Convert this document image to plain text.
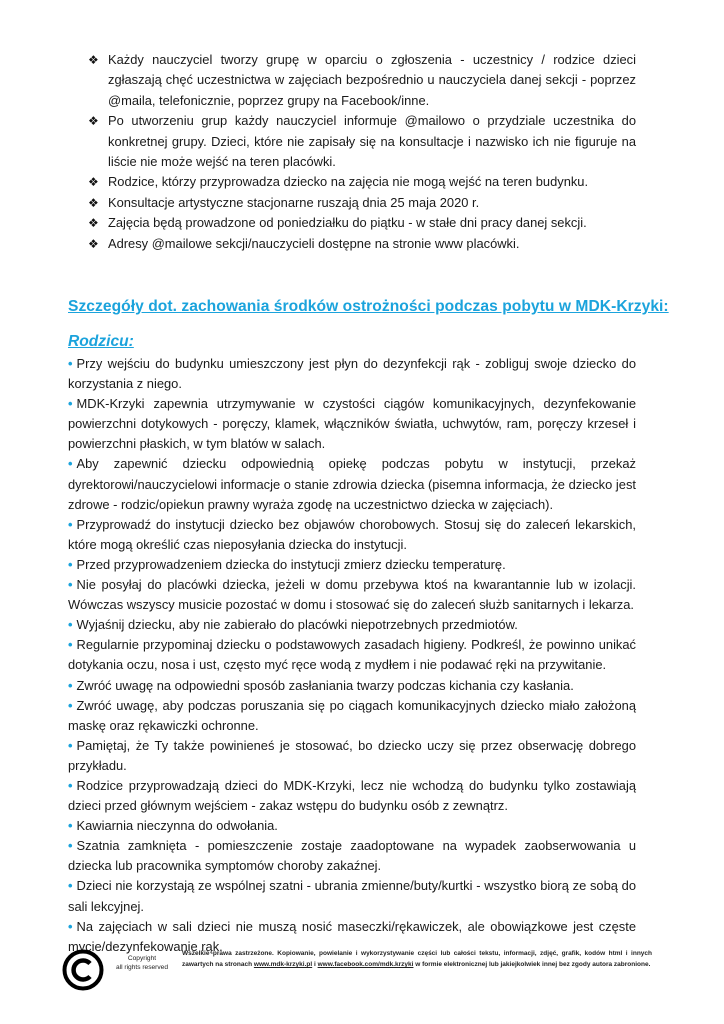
❖ Każdy nauczyciel tworzy grupę w oparciu o zgłoszenia - uczestnicy / rodzice dzieci zgłaszają chęć uczestnictwa w zajęciach bezpośrednio u nauczyciela danej sekcji - poprzez @maila, telefonicznie, poprzez grupy na Facebook/inne.
❖ Po utworzeniu grup każdy nauczyciel informuje @mailowo o przydziale uczestnika do konkretnej grupy. Dzieci, które nie zapisały się na konsultacje i nazwisko ich nie figuruje na liście nie może wejść na teren placówki.
❖ Rodzice, którzy przyprowadza dziecko na zajęcia nie mogą wejść na teren budynku.
❖ Konsultacje artystyczne stacjonarne ruszają dnia 25 maja 2020 r.
❖ Zajęcia będą prowadzone od poniedziałku do piątku - w stałe dni pracy danej sekcji.
❖ Adresy @mailowe sekcji/nauczycieli dostępne na stronie www placówki.
Szczegóły dot. zachowania środków ostrożności podczas pobytu w MDK-Krzyki:
Rodzicu:
• Przy wejściu do budynku umieszczony jest płyn do dezynfekcji rąk - zobliguj swoje dziecko do korzystania z niego.
• MDK-Krzyki zapewnia utrzymywanie w czystości ciągów komunikacyjnych, dezynfekowanie powierzchni dotykowych - poręczy, klamek, włączników światła, uchwytów, ram, poręczy krzeseł i powierzchni płaskich, w tym blatów w salach.
• Aby zapewnić dziecku odpowiednią opiekę podczas pobytu w instytucji, przekaż dyrektorowi/nauczycielowi informacje o stanie zdrowia dziecka (pisemna informacja, że dziecko jest zdrowe - rodzic/opiekun prawny wyraża zgodę na uczestnictwo dziecka w zajęciach).
• Przyprowadź do instytucji dziecko bez objawów chorobowych. Stosuj się do zaleceń lekarskich, które mogą określić czas nieposyłania dziecka do instytucji.
• Przed przyprowadzeniem dziecka do instytucji zmierz dziecku temperaturę.
• Nie posyłaj do placówki dziecka, jeżeli w domu przebywa ktoś na kwarantannie lub w izolacji. Wówczas wszyscy musicie pozostać w domu i stosować się do zaleceń służb sanitarnych i lekarza.
• Wyjaśnij dziecku, aby nie zabierało do placówki niepotrzebnych przedmiotów.
• Regularnie przypominaj dziecku o podstawowych zasadach higieny. Podkreśl, że powinno unikać dotykania oczu, nosa i ust, często myć ręce wodą z mydłem i nie podawać ręki na przywitanie.
• Zwróć uwagę na odpowiedni sposób zasłaniania twarzy podczas kichania czy kasłania.
• Zwróć uwagę, aby podczas poruszania się po ciągach komunikacyjnych dziecko miało założoną maskę oraz rękawiczki ochronne.
• Pamiętaj, że Ty także powinieneś je stosować, bo dziecko uczy się przez obserwację dobrego przykładu.
• Rodzice przyprowadzają dzieci do MDK-Krzyki, lecz nie wchodzą do budynku tylko zostawiają dzieci przed głównym wejściem - zakaz wstępu do budynku osób z zewnątrz.
• Kawiarnia nieczynna do odwołania.
• Szatnia zamknięta - pomieszczenie zostaje zaadoptowane na wypadek zaobserwowania u dziecka lub pracownika symptomów choroby zakaźnej.
• Dzieci nie korzystają ze wspólnej szatni - ubrania zmienne/buty/kurtki - wszystko biorą ze sobą do sali lekcyjnej.
• Na zajęciach w sali dzieci nie muszą nosić maseczki/rękawiczek, ale obowiązkowe jest częste mycie/dezynfekowanie rąk.
Copyright
all rights reserved
Wszelkie prawa zastrzeżone. Kopiowanie, powielanie i wykorzystywanie części lub całości tekstu, informacji, zdjęć, grafik, kodów html i innych zawartych na stronach www.mdk-krzyki.pl i www.facebook.com/mdk.krzyki w formie elektronicznej lub jakiejkolwiek innej bez zgody autora zabronione.
